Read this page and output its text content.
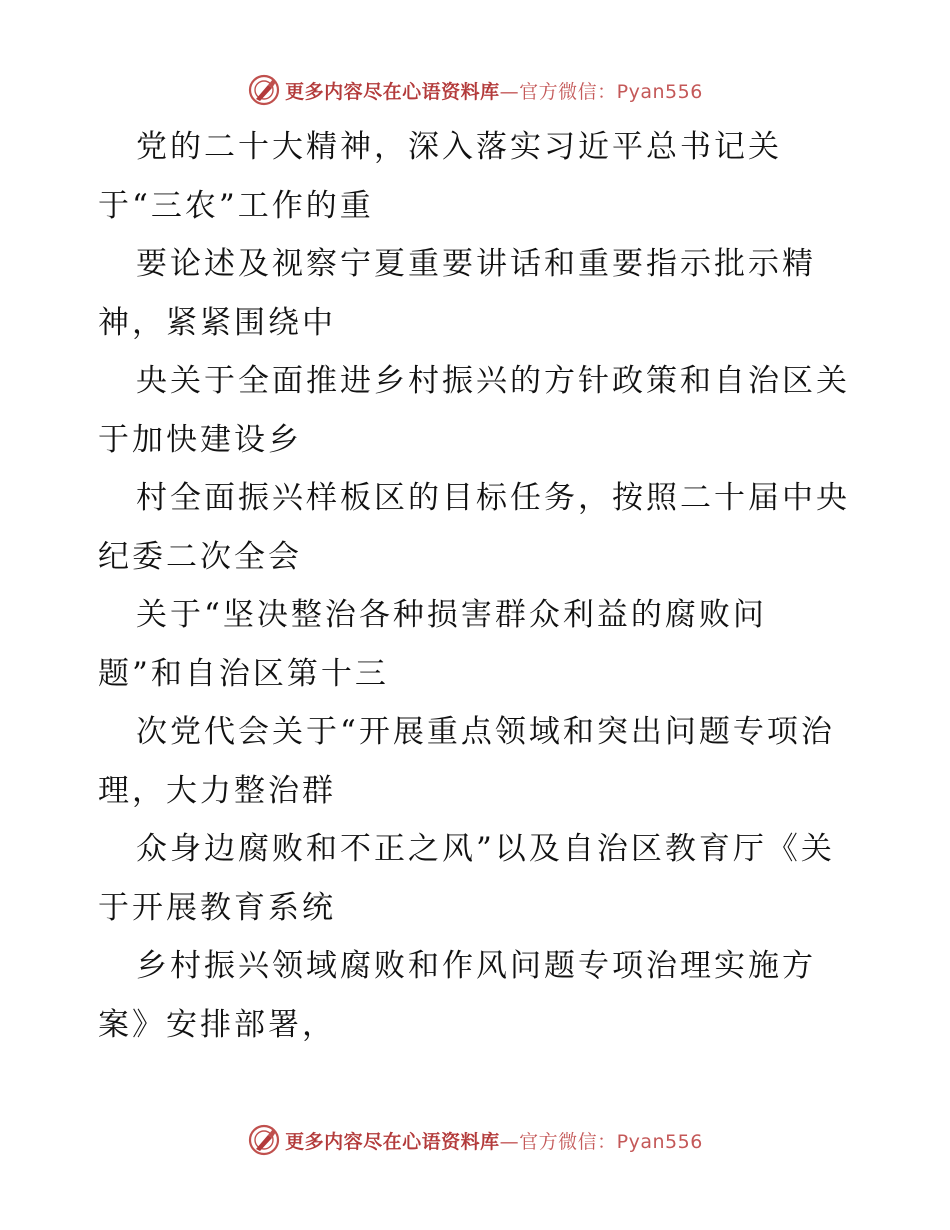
更多内容尽在心语资料库—官方微信：Pyan556
党的二十大精神，深入落实习近平总书记关
于“三农”工作的重
要论述及视察宁夏重要讲话和重要指示批示精
神，紧紧围绕中
央关于全面推进乡村振兴的方针政策和自治区关
于加快建设乡
村全面振兴样板区的目标任务，按照二十届中央
纪委二次全会
关于“坚决整治各种损害群众利益的腐败问
题”和自治区第十三
次党代会关于“开展重点领域和突出问题专项治
理，大力整治群
众身边腐败和不正之风”以及自治区教育厅《关
于开展教育系统
乡村振兴领域腐败和作风问题专项治理实施方
案》安排部署，
更多内容尽在心语资料库—官方微信：Pyan556
